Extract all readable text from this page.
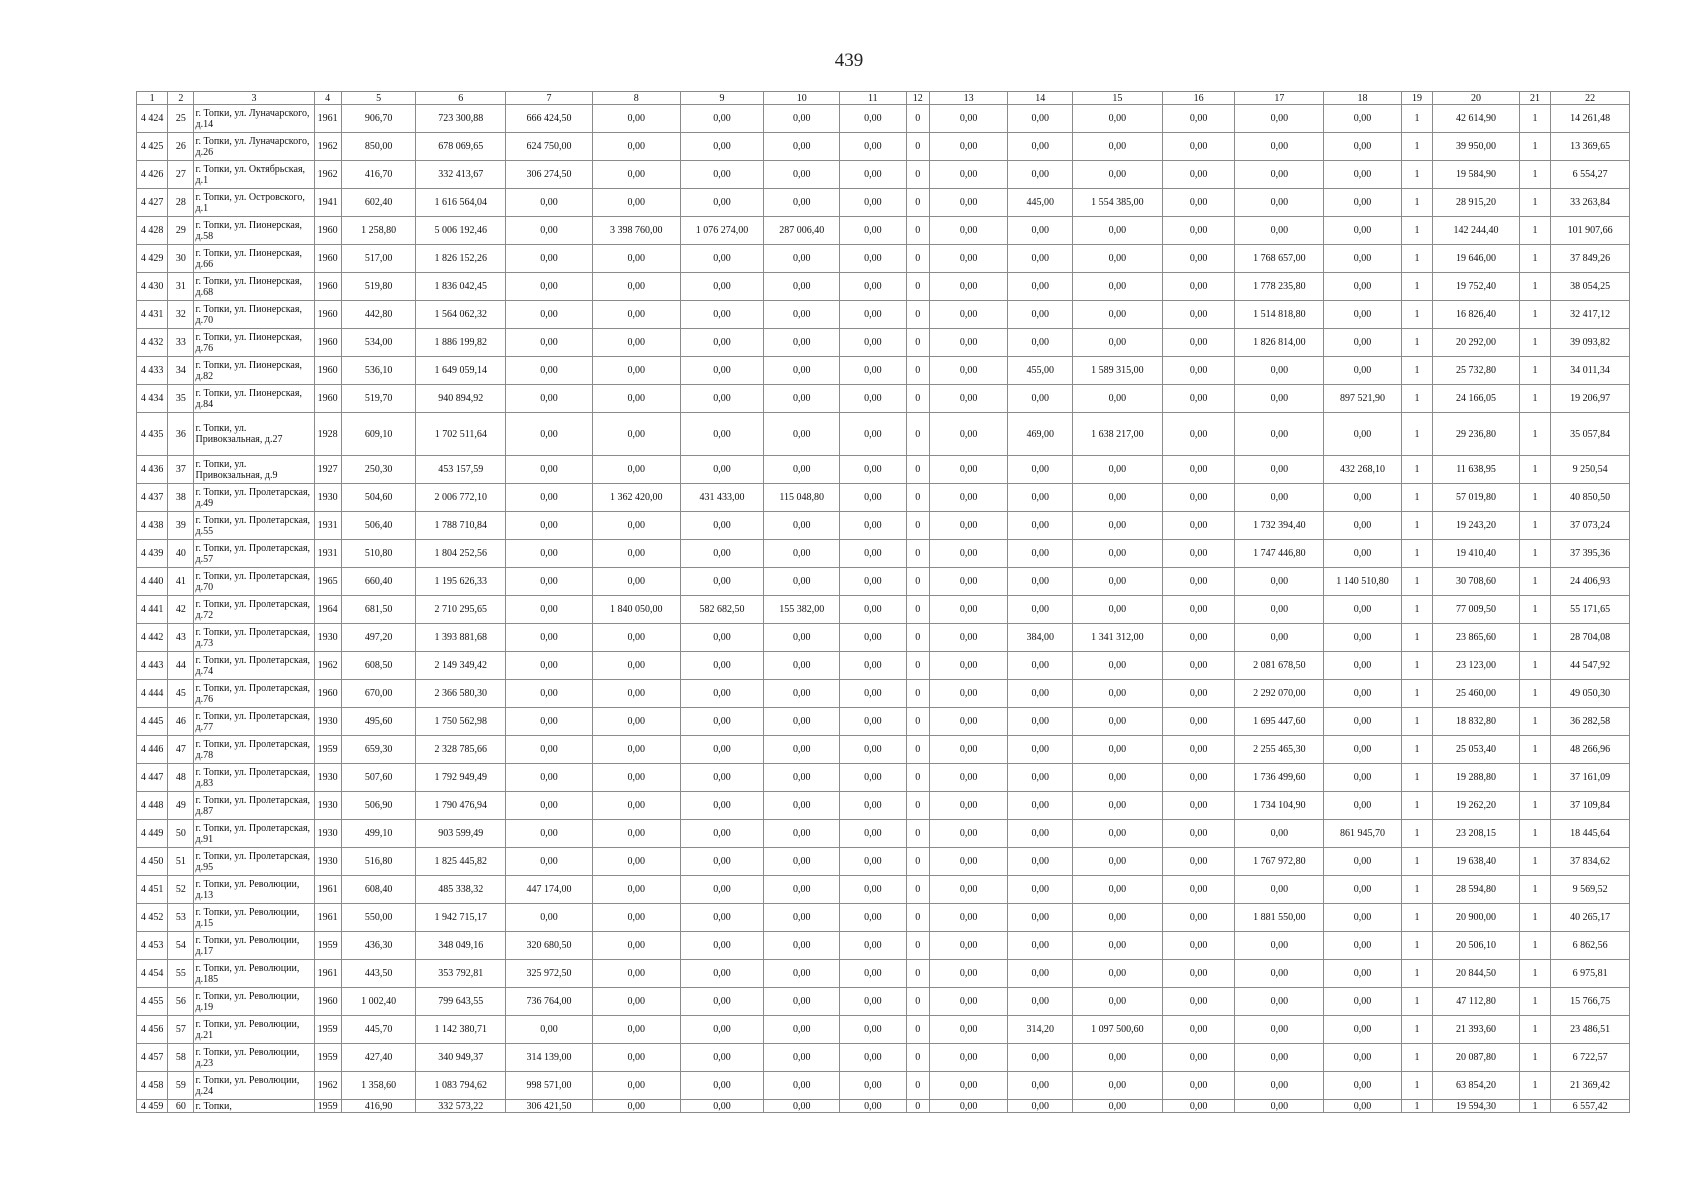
439
1	2	3	4	5	6	7	8	9	10	11	12	13	14	15	16	17	18	19	20	21	22
4 424	25	г. Топки, ул. Луначарского, д.14	1961	906,70	723 300,88	666 424,50	0,00	0,00	0,00	0,00	0	0,00	0,00	0,00	0,00	0,00	0,00	1	42 614,90	1	14 261,48
4 425	26	г. Топки, ул. Луначарского, д.26	1962	850,00	678 069,65	624 750,00	0,00	0,00	0,00	0,00	0	0,00	0,00	0,00	0,00	0,00	0,00	1	39 950,00	1	13 369,65
4 426	27	г. Топки, ул. Октябрьская, д.1	1962	416,70	332 413,67	306 274,50	0,00	0,00	0,00	0,00	0	0,00	0,00	0,00	0,00	0,00	0,00	1	19 584,90	1	6 554,27
4 427	28	г. Топки, ул. Островского, д.1	1941	602,40	1 616 564,04	0,00	0,00	0,00	0,00	0,00	0	0,00	445,00	1 554 385,00	0,00	0,00	0,00	1	28 915,20	1	33 263,84
4 428	29	г. Топки, ул. Пионерская, д.58	1960	1 258,80	5 006 192,46	0,00	3 398 760,00	1 076 274,00	287 006,40	0,00	0	0,00	0,00	0,00	0,00	0,00	0,00	1	142 244,40	1	101 907,66
4 429	30	г. Топки, ул. Пионерская, д.66	1960	517,00	1 826 152,26	0,00	0,00	0,00	0,00	0,00	0	0,00	0,00	0,00	0,00	1 768 657,00	0,00	1	19 646,00	1	37 849,26
4 430	31	г. Топки, ул. Пионерская, д.68	1960	519,80	1 836 042,45	0,00	0,00	0,00	0,00	0,00	0	0,00	0,00	0,00	0,00	1 778 235,80	0,00	1	19 752,40	1	38 054,25
4 431	32	г. Топки, ул. Пионерская, д.70	1960	442,80	1 564 062,32	0,00	0,00	0,00	0,00	0,00	0	0,00	0,00	0,00	0,00	1 514 818,80	0,00	1	16 826,40	1	32 417,12
4 432	33	г. Топки, ул. Пионерская, д.76	1960	534,00	1 886 199,82	0,00	0,00	0,00	0,00	0,00	0	0,00	0,00	0,00	0,00	1 826 814,00	0,00	1	20 292,00	1	39 093,82
4 433	34	г. Топки, ул. Пионерская, д.82	1960	536,10	1 649 059,14	0,00	0,00	0,00	0,00	0,00	0	0,00	455,00	1 589 315,00	0,00	0,00	0,00	1	25 732,80	1	34 011,34
4 434	35	г. Топки, ул. Пионерская, д.84	1960	519,70	940 894,92	0,00	0,00	0,00	0,00	0,00	0	0,00	0,00	0,00	0,00	0,00	897 521,90	1	24 166,05	1	19 206,97
4 435	36	г. Топки, ул. Привокзальная, д.27	1928	609,10	1 702 511,64	0,00	0,00	0,00	0,00	0,00	0	0,00	469,00	1 638 217,00	0,00	0,00	0,00	1	29 236,80	1	35 057,84
4 436	37	г. Топки, ул. Привокзальная, д.9	1927	250,30	453 157,59	0,00	0,00	0,00	0,00	0,00	0	0,00	0,00	0,00	0,00	0,00	432 268,10	1	11 638,95	1	9 250,54
4 437	38	г. Топки, ул. Пролетарская, д.49	1930	504,60	2 006 772,10	0,00	1 362 420,00	431 433,00	115 048,80	0,00	0	0,00	0,00	0,00	0,00	0,00	0,00	1	57 019,80	1	40 850,50
4 438	39	г. Топки, ул. Пролетарская, д.55	1931	506,40	1 788 710,84	0,00	0,00	0,00	0,00	0,00	0	0,00	0,00	0,00	0,00	1 732 394,40	0,00	1	19 243,20	1	37 073,24
4 439	40	г. Топки, ул. Пролетарская, д.57	1931	510,80	1 804 252,56	0,00	0,00	0,00	0,00	0,00	0	0,00	0,00	0,00	0,00	1 747 446,80	0,00	1	19 410,40	1	37 395,36
4 440	41	г. Топки, ул. Пролетарская, д.70	1965	660,40	1 195 626,33	0,00	0,00	0,00	0,00	0,00	0	0,00	0,00	0,00	0,00	0,00	1 140 510,80	1	30 708,60	1	24 406,93
4 441	42	г. Топки, ул. Пролетарская, д.72	1964	681,50	2 710 295,65	0,00	1 840 050,00	582 682,50	155 382,00	0,00	0	0,00	0,00	0,00	0,00	0,00	0,00	1	77 009,50	1	55 171,65
4 442	43	г. Топки, ул. Пролетарская, д.73	1930	497,20	1 393 881,68	0,00	0,00	0,00	0,00	0,00	0	0,00	384,00	1 341 312,00	0,00	0,00	0,00	1	23 865,60	1	28 704,08
4 443	44	г. Топки, ул. Пролетарская, д.74	1962	608,50	2 149 349,42	0,00	0,00	0,00	0,00	0,00	0	0,00	0,00	0,00	0,00	2 081 678,50	0,00	1	23 123,00	1	44 547,92
4 444	45	г. Топки, ул. Пролетарская, д.76	1960	670,00	2 366 580,30	0,00	0,00	0,00	0,00	0,00	0	0,00	0,00	0,00	0,00	2 292 070,00	0,00	1	25 460,00	1	49 050,30
4 445	46	г. Топки, ул. Пролетарская, д.77	1930	495,60	1 750 562,98	0,00	0,00	0,00	0,00	0,00	0	0,00	0,00	0,00	0,00	1 695 447,60	0,00	1	18 832,80	1	36 282,58
4 446	47	г. Топки, ул. Пролетарская, д.78	1959	659,30	2 328 785,66	0,00	0,00	0,00	0,00	0,00	0	0,00	0,00	0,00	0,00	2 255 465,30	0,00	1	25 053,40	1	48 266,96
4 447	48	г. Топки, ул. Пролетарская, д.83	1930	507,60	1 792 949,49	0,00	0,00	0,00	0,00	0,00	0	0,00	0,00	0,00	0,00	1 736 499,60	0,00	1	19 288,80	1	37 161,09
4 448	49	г. Топки, ул. Пролетарская, д.87	1930	506,90	1 790 476,94	0,00	0,00	0,00	0,00	0,00	0	0,00	0,00	0,00	0,00	1 734 104,90	0,00	1	19 262,20	1	37 109,84
4 449	50	г. Топки, ул. Пролетарская, д.91	1930	499,10	903 599,49	0,00	0,00	0,00	0,00	0,00	0	0,00	0,00	0,00	0,00	0,00	861 945,70	1	23 208,15	1	18 445,64
4 450	51	г. Топки, ул. Пролетарская, д.95	1930	516,80	1 825 445,82	0,00	0,00	0,00	0,00	0,00	0	0,00	0,00	0,00	0,00	1 767 972,80	0,00	1	19 638,40	1	37 834,62
4 451	52	г. Топки, ул. Революции, д.13	1961	608,40	485 338,32	447 174,00	0,00	0,00	0,00	0,00	0	0,00	0,00	0,00	0,00	0,00	0,00	1	28 594,80	1	9 569,52
4 452	53	г. Топки, ул. Революции, д.15	1961	550,00	1 942 715,17	0,00	0,00	0,00	0,00	0,00	0	0,00	0,00	0,00	0,00	1 881 550,00	0,00	1	20 900,00	1	40 265,17
4 453	54	г. Топки, ул. Революции, д.17	1959	436,30	348 049,16	320 680,50	0,00	0,00	0,00	0,00	0	0,00	0,00	0,00	0,00	0,00	0,00	1	20 506,10	1	6 862,56
4 454	55	г. Топки, ул. Революции, д.185	1961	443,50	353 792,81	325 972,50	0,00	0,00	0,00	0,00	0	0,00	0,00	0,00	0,00	0,00	0,00	1	20 844,50	1	6 975,81
4 455	56	г. Топки, ул. Революции, д.19	1960	1 002,40	799 643,55	736 764,00	0,00	0,00	0,00	0,00	0	0,00	0,00	0,00	0,00	0,00	0,00	1	47 112,80	1	15 766,75
4 456	57	г. Топки, ул. Революции, д.21	1959	445,70	1 142 380,71	0,00	0,00	0,00	0,00	0,00	0	0,00	314,20	1 097 500,60	0,00	0,00	0,00	1	21 393,60	1	23 486,51
4 457	58	г. Топки, ул. Революции, д.23	1959	427,40	340 949,37	314 139,00	0,00	0,00	0,00	0,00	0	0,00	0,00	0,00	0,00	0,00	0,00	1	20 087,80	1	6 722,57
4 458	59	г. Топки, ул. Революции, д.24	1962	1 358,60	1 083 794,62	998 571,00	0,00	0,00	0,00	0,00	0	0,00	0,00	0,00	0,00	0,00	0,00	1	63 854,20	1	21 369,42
4 459	60	г. Топки,	1959	416,90	332 573,22	306 421,50	0,00	0,00	0,00	0,00	0	0,00	0,00	0,00	0,00	0,00	0,00	1	19 594,30	1	6 557,42
